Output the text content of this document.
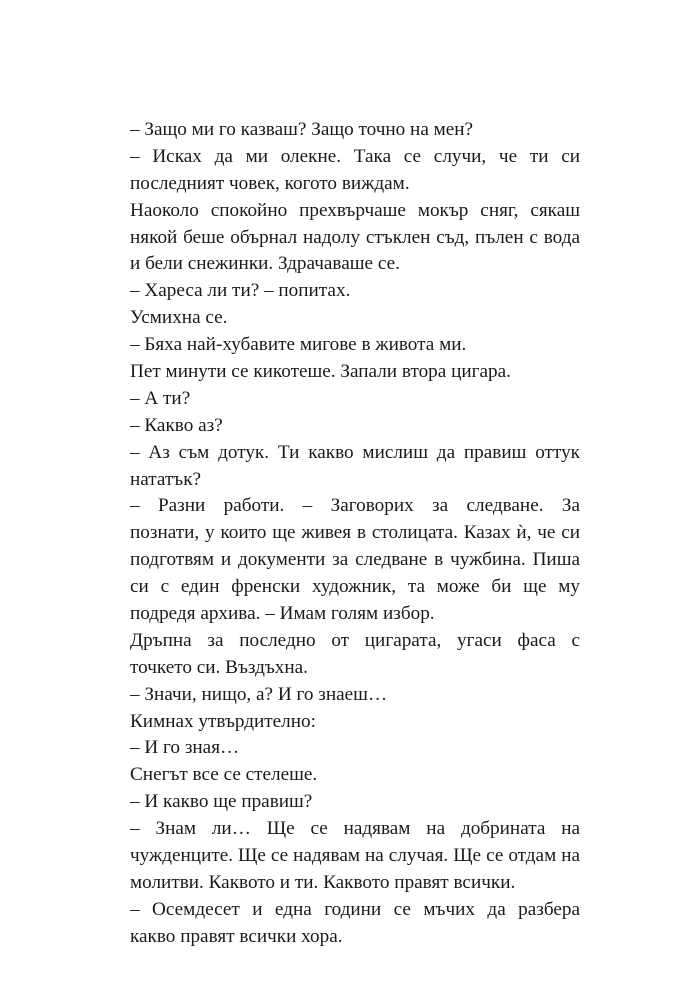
– Защо ми го казваш? Защо точно на мен?
– Исках да ми олекне. Така се случи, че ти си
последният човек, когото виждам.
Наоколо спокойно прехвърчаше мокър сняг, сякаш
някой беше обърнал надолу стъклен съд, пълен с вода
и бели снежинки. Здрачаваше се.
– Хареса ли ти? – попитах.
Усмихна се.
– Бяха най-хубавите мигове в живота ми.
Пет минути се кикотеше. Запали втора цигара.
– А ти?
– Какво аз?
– Аз съм дотук. Ти какво мислиш да правиш оттук
нататък?
– Разни работи. – Заговорих за следване. За
познати, у които ще живея в столицата. Казах ѝ, че си
подготвям и документи за следване в чужбина. Пиша
си с един френски художник, та може би ще му
подредя архива. – Имам голям избор.
Дръпна за последно от цигарата, угаси фаса с
точкето си. Въздъхна.
– Значи, нищо, а? И го знаеш…
Кимнах утвърдително:
– И го зная…
Снегът все се стелеше.
– И какво ще правиш?
– Знам ли… Ще се надявам на добрината на
чужденците. Ще се надявам на случая. Ще се отдам на
молитви. Каквото и ти. Каквото правят всички.
– Осемдесет и една години се мъчих да разбера
какво правят всички хора.
